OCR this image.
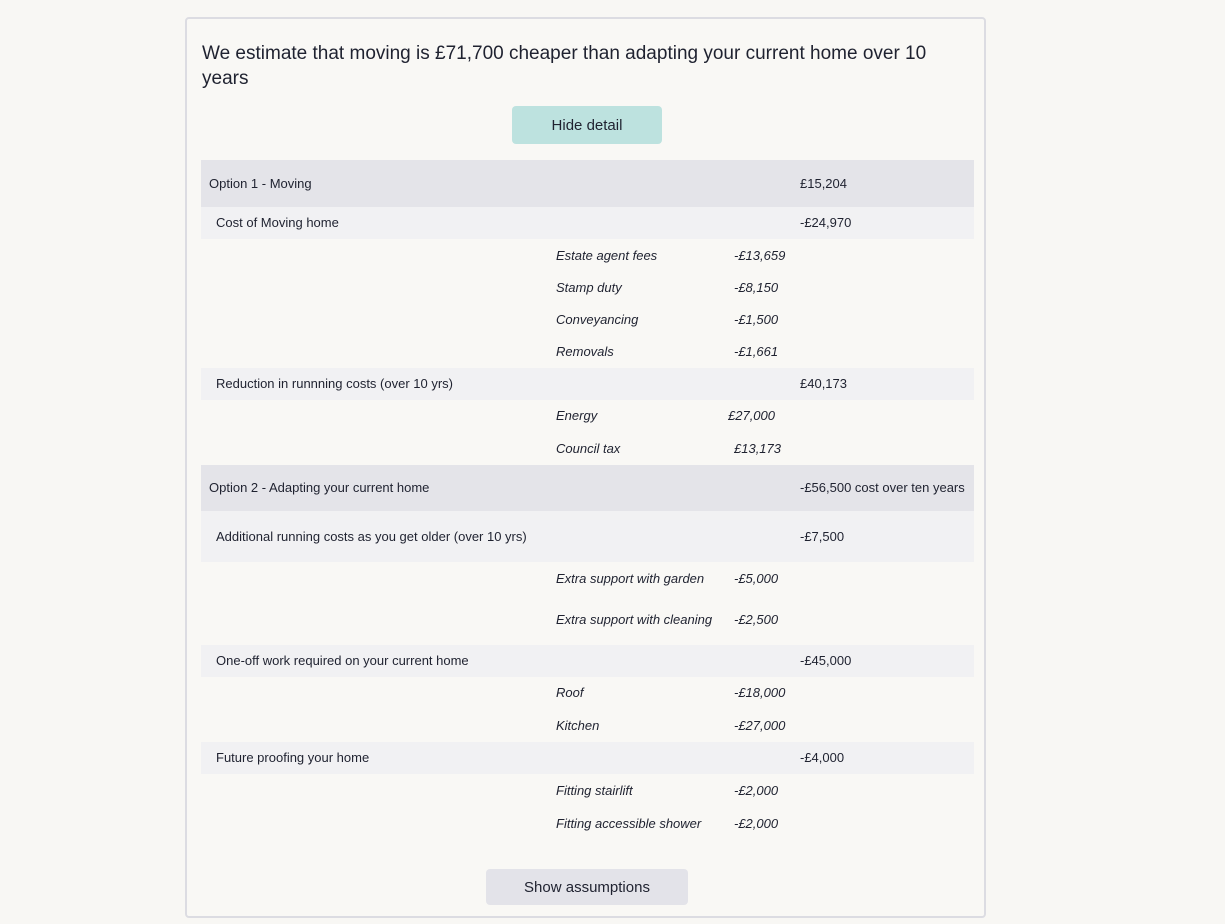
We estimate that moving is £71,700 cheaper than adapting your current home over 10 years
Hide detail
Option 1 - Moving	£15,204
Cost of Moving home	-£24,970
Estate agent fees	-£13,659
Stamp duty	-£8,150
Conveyancing	-£1,500
Removals	-£1,661
Reduction in runnning costs (over 10 yrs)	£40,173
Energy	£27,000
Council tax	£13,173
Option 2 - Adapting your current home	-£56,500 cost over ten years
Additional running costs as you get older (over 10 yrs)	-£7,500
Extra support with garden	-£5,000
Extra support with cleaning	-£2,500
One-off work required on your current home	-£45,000
Roof	-£18,000
Kitchen	-£27,000
Future proofing your home	-£4,000
Fitting stairlift	-£2,000
Fitting accessible shower	-£2,000
Show assumptions
